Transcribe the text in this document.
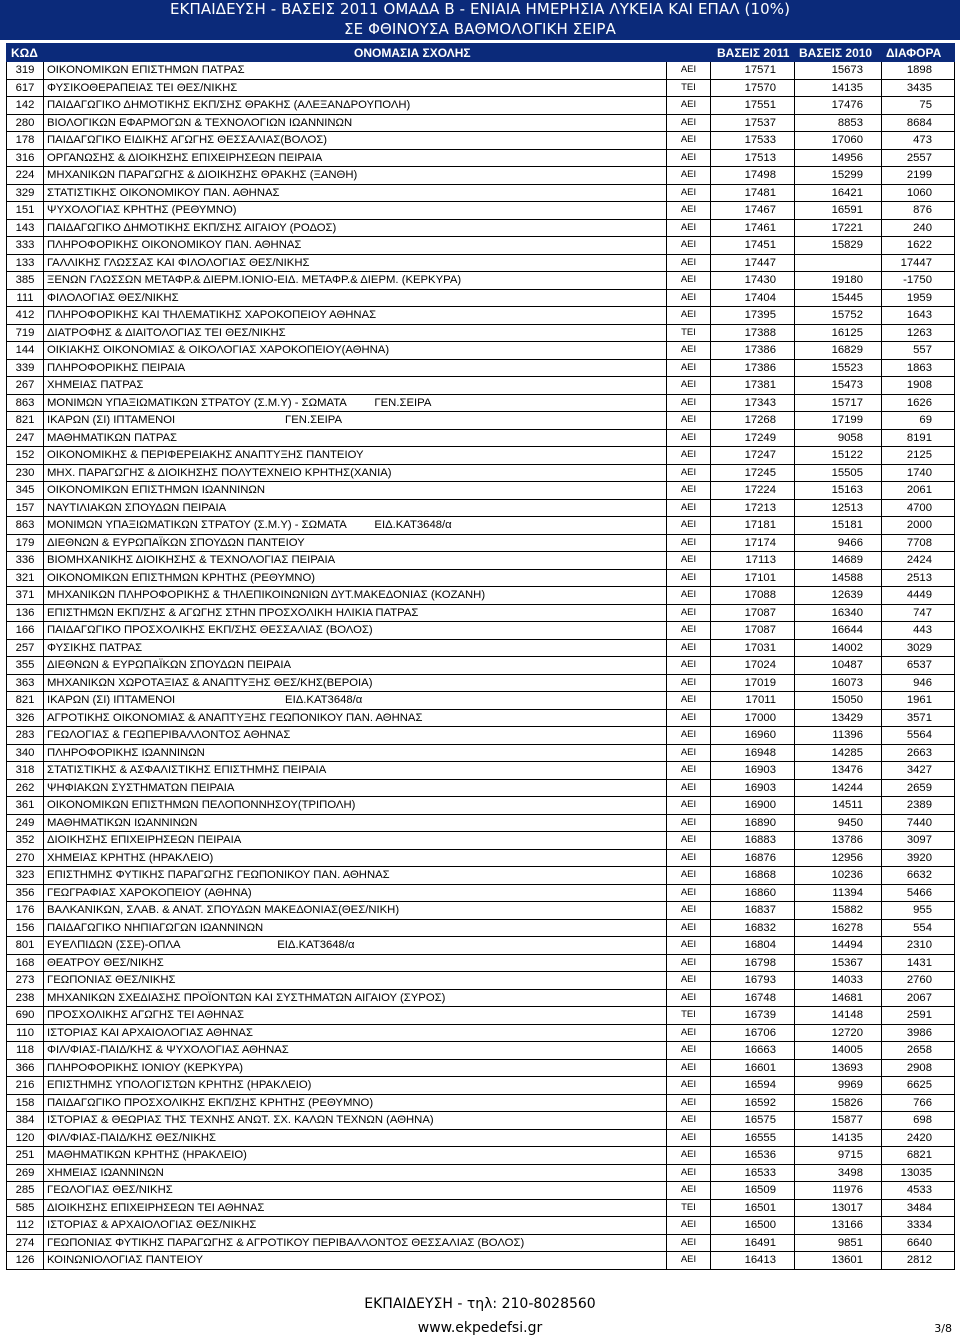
ΕΚΠΑΙΔΕΥΣΗ - ΒΑΣΕΙΣ 2011 ΟΜΑΔΑ Β - ΕΝΙΑΙΑ ΗΜΕΡΗΣΙΑ ΛΥΚΕΙΑ ΚΑΙ ΕΠΑΛ (10%)
ΣΕ ΦΘΙΝΟΥΣΑ ΒΑΘΜΟΛΟΓΙΚΗ ΣΕΙΡΑ
ΚΩΔ	ΟΝΟΜΑΣΙΑ ΣΧΟΛΗΣ		ΒΑΣΕΙΣ 2011	ΒΑΣΕΙΣ 2010	ΔΙΑΦΟΡΑ
319	ΟΙΚΟΝΟΜΙΚΩΝ ΕΠΙΣΤΗΜΩΝ ΠΑΤΡΑΣ	ΑΕΙ	17571	15673	1898
617	ΦΥΣΙΚΟΘΕΡΑΠΕΙΑΣ ΤΕΙ ΘΕΣ/ΝΙΚΗΣ	ΤΕΙ	17570	14135	3435
142	ΠΑΙΔΑΓΩΓΙΚΟ ΔΗΜΟΤΙΚΗΣ ΕΚΠ/ΣΗΣ ΘΡΑΚΗΣ (ΑΛΕΞΑΝΔΡΟΥΠΟΛΗ)	ΑΕΙ	17551	17476	75
280	ΒΙΟΛΟΓΙΚΩΝ ΕΦΑΡΜΟΓΩΝ & ΤΕΧΝΟΛΟΓΙΩΝ ΙΩΑΝΝΙΝΩΝ	ΑΕΙ	17537	8853	8684
178	ΠΑΙΔΑΓΩΓΙΚΟ ΕΙΔΙΚΗΣ ΑΓΩΓΗΣ ΘΕΣΣΑΛΙΑΣ(ΒΟΛΟΣ)	ΑΕΙ	17533	17060	473
316	ΟΡΓΑΝΩΣΗΣ & ΔΙΟΙΚΗΣΗΣ ΕΠΙΧΕΙΡΗΣΕΩΝ ΠΕΙΡΑΙΑ	ΑΕΙ	17513	14956	2557
224	ΜΗΧΑΝΙΚΩΝ ΠΑΡΑΓΩΓΗΣ & ΔΙΟΙΚΗΣΗΣ ΘΡΑΚΗΣ (ΞΑΝΘΗ)	ΑΕΙ	17498	15299	2199
329	ΣΤΑΤΙΣΤΙΚΗΣ ΟΙΚΟΝΟΜΙΚΟΥ ΠΑΝ. ΑΘΗΝΑΣ	ΑΕΙ	17481	16421	1060
151	ΨΥΧΟΛΟΓΙΑΣ ΚΡΗΤΗΣ (ΡΕΘΥΜΝΟ)	ΑΕΙ	17467	16591	876
143	ΠΑΙΔΑΓΩΓΙΚΟ ΔΗΜΟΤΙΚΗΣ ΕΚΠ/ΣΗΣ ΑΙΓΑΙΟΥ (ΡΟΔΟΣ)	ΑΕΙ	17461	17221	240
333	ΠΛΗΡΟΦΟΡΙΚΗΣ ΟΙΚΟΝΟΜΙΚΟΥ ΠΑΝ. ΑΘΗΝΑΣ	ΑΕΙ	17451	15829	1622
133	ΓΑΛΛΙΚΗΣ ΓΛΩΣΣΑΣ ΚΑΙ ΦΙΛΟΛΟΓΙΑΣ ΘΕΣ/ΝΙΚΗΣ	ΑΕΙ	17447		17447
385	ΞΕΝΩΝ ΓΛΩΣΣΩΝ ΜΕΤΑΦΡ.& ΔΙΕΡΜ.ΙΟΝΙΟ-ΕΙΔ. ΜΕΤΑΦΡ.& ΔΙΕΡΜ. (ΚΕΡΚΥΡΑ)	ΑΕΙ	17430	19180	-1750
111	ΦΙΛΟΛΟΓΙΑΣ ΘΕΣ/ΝΙΚΗΣ	ΑΕΙ	17404	15445	1959
412	ΠΛΗΡΟΦΟΡΙΚΗΣ ΚΑΙ ΤΗΛΕΜΑΤΙΚΗΣ ΧΑΡΟΚΟΠΕΙΟΥ ΑΘΗΝΑΣ	ΑΕΙ	17395	15752	1643
719	ΔΙΑΤΡΟΦΗΣ & ΔΙΑΙΤΟΛΟΓΙΑΣ ΤΕΙ ΘΕΣ/ΝΙΚΗΣ	ΤΕΙ	17388	16125	1263
144	ΟΙΚΙΑΚΗΣ ΟΙΚΟΝΟΜΙΑΣ & ΟΙΚΟΛΟΓΙΑΣ ΧΑΡΟΚΟΠΕΙΟΥ(ΑΘΗΝΑ)	ΑΕΙ	17386	16829	557
339	ΠΛΗΡΟΦΟΡΙΚΗΣ ΠΕΙΡΑΙΑ	ΑΕΙ	17386	15523	1863
267	ΧΗΜΕΙΑΣ ΠΑΤΡΑΣ	ΑΕΙ	17381	15473	1908
863	ΜΟΝΙΜΩΝ ΥΠΑΞΙΩΜΑΤΙΚΩΝ ΣΤΡΑΤΟΥ (Σ.Μ.Υ) - ΣΩΜΑΤΑ         ΓΕΝ.ΣΕΙΡΑ	ΑΕΙ	17343	15717	1626
821	ΙΚΑΡΩΝ (ΣΙ) ΙΠΤΑΜΕΝΟΙ                                   ΓΕΝ.ΣΕΙΡΑ	ΑΕΙ	17268	17199	69
247	ΜΑΘΗΜΑΤΙΚΩΝ ΠΑΤΡΑΣ	ΑΕΙ	17249	9058	8191
152	ΟΙΚΟΝΟΜΙΚΗΣ & ΠΕΡΙΦΕΡΕΙΑΚΗΣ ΑΝΑΠΤΥΞΗΣ ΠΑΝΤΕΙΟΥ	ΑΕΙ	17247	15122	2125
230	ΜΗΧ. ΠΑΡΑΓΩΓΗΣ & ΔΙΟΙΚΗΣΗΣ ΠΟΛΥΤΕΧΝΕΙΟ ΚΡΗΤΗΣ(ΧΑΝΙΑ)	ΑΕΙ	17245	15505	1740
345	ΟΙΚΟΝΟΜΙΚΩΝ ΕΠΙΣΤΗΜΩΝ ΙΩΑΝΝΙΝΩΝ	ΑΕΙ	17224	15163	2061
157	ΝΑΥΤΙΛΙΑΚΩΝ ΣΠΟΥΔΩΝ ΠΕΙΡΑΙΑ	ΑΕΙ	17213	12513	4700
863	ΜΟΝΙΜΩΝ ΥΠΑΞΙΩΜΑΤΙΚΩΝ ΣΤΡΑΤΟΥ (Σ.Μ.Υ) - ΣΩΜΑΤΑ         ΕΙΔ.ΚΑΤ3648/α	ΑΕΙ	17181	15181	2000
179	ΔΙΕΘΝΩΝ & ΕΥΡΩΠΑΪΚΩΝ ΣΠΟΥΔΩΝ ΠΑΝΤΕΙΟΥ	ΑΕΙ	17174	9466	7708
336	ΒΙΟΜΗΧΑΝΙΚΗΣ ΔΙΟΙΚΗΣΗΣ & ΤΕΧΝΟΛΟΓΙΑΣ ΠΕΙΡΑΙΑ	ΑΕΙ	17113	14689	2424
321	ΟΙΚΟΝΟΜΙΚΩΝ ΕΠΙΣΤΗΜΩΝ ΚΡΗΤΗΣ (ΡΕΘΥΜΝΟ)	ΑΕΙ	17101	14588	2513
371	ΜΗΧΑΝΙΚΩΝ ΠΛΗΡΟΦΟΡΙΚΗΣ & ΤΗΛΕΠΙΚΟΙΝΩΝΙΩΝ ΔΥΤ.ΜΑΚΕΔΟΝΙΑΣ (ΚΟΖΑΝΗ)	ΑΕΙ	17088	12639	4449
136	ΕΠΙΣΤΗΜΩΝ ΕΚΠ/ΣΗΣ & ΑΓΩΓΗΣ ΣΤΗΝ ΠΡΟΣΧΟΛΙΚΗ ΗΛΙΚΙΑ ΠΑΤΡΑΣ	ΑΕΙ	17087	16340	747
166	ΠΑΙΔΑΓΩΓΙΚΟ ΠΡΟΣΧΟΛΙΚΗΣ ΕΚΠ/ΣΗΣ ΘΕΣΣΑΛΙΑΣ (ΒΟΛΟΣ)	ΑΕΙ	17087	16644	443
257	ΦΥΣΙΚΗΣ ΠΑΤΡΑΣ	ΑΕΙ	17031	14002	3029
355	ΔΙΕΘΝΩΝ & ΕΥΡΩΠΑΪΚΩΝ ΣΠΟΥΔΩΝ ΠΕΙΡΑΙΑ	ΑΕΙ	17024	10487	6537
363	ΜΗΧΑΝΙΚΩΝ ΧΩΡΟΤΑΞΙΑΣ & ΑΝΑΠΤΥΞΗΣ ΘΕΣ/ΚΗΣ(ΒΕΡΟΙΑ)	ΑΕΙ	17019	16073	946
821	ΙΚΑΡΩΝ (ΣΙ) ΙΠΤΑΜΕΝΟΙ                                   ΕΙΔ.ΚΑΤ3648/α	ΑΕΙ	17011	15050	1961
326	ΑΓΡΟΤΙΚΗΣ ΟΙΚΟΝΟΜΙΑΣ & ΑΝΑΠΤΥΞΗΣ ΓΕΩΠΟΝΙΚΟΥ ΠΑΝ. ΑΘΗΝΑΣ	ΑΕΙ	17000	13429	3571
283	ΓΕΩΛΟΓΙΑΣ & ΓΕΩΠΕΡΙΒΑΛΛΟΝΤΟΣ ΑΘΗΝΑΣ	ΑΕΙ	16960	11396	5564
340	ΠΛΗΡΟΦΟΡΙΚΗΣ ΙΩΑΝΝΙΝΩΝ	ΑΕΙ	16948	14285	2663
318	ΣΤΑΤΙΣΤΙΚΗΣ & ΑΣΦΑΛΙΣΤΙΚΗΣ ΕΠΙΣΤΗΜΗΣ ΠΕΙΡΑΙΑ	ΑΕΙ	16903	13476	3427
262	ΨΗΦΙΑΚΩΝ ΣΥΣΤΗΜΑΤΩΝ ΠΕΙΡΑΙΑ	ΑΕΙ	16903	14244	2659
361	ΟΙΚΟΝΟΜΙΚΩΝ ΕΠΙΣΤΗΜΩΝ ΠΕΛΟΠΟΝΝΗΣΟΥ(ΤΡΙΠΟΛΗ)	ΑΕΙ	16900	14511	2389
249	ΜΑΘΗΜΑΤΙΚΩΝ ΙΩΑΝΝΙΝΩΝ	ΑΕΙ	16890	9450	7440
352	ΔΙΟΙΚΗΣΗΣ ΕΠΙΧΕΙΡΗΣΕΩΝ ΠΕΙΡΑΙΑ	ΑΕΙ	16883	13786	3097
270	ΧΗΜΕΙΑΣ ΚΡΗΤΗΣ (ΗΡΑΚΛΕΙΟ)	ΑΕΙ	16876	12956	3920
323	ΕΠΙΣΤΗΜΗΣ ΦΥΤΙΚΗΣ ΠΑΡΑΓΩΓΗΣ ΓΕΩΠΟΝΙΚΟΥ ΠΑΝ. ΑΘΗΝΑΣ	ΑΕΙ	16868	10236	6632
356	ΓΕΩΓΡΑΦΙΑΣ ΧΑΡΟΚΟΠΕΙΟΥ (ΑΘΗΝΑ)	ΑΕΙ	16860	11394	5466
176	ΒΑΛΚΑΝΙΚΩΝ, ΣΛΑΒ. & ΑΝΑΤ. ΣΠΟΥΔΩΝ ΜΑΚΕΔΟΝΙΑΣ(ΘΕΣ/ΝΙΚΗ)	ΑΕΙ	16837	15882	955
156	ΠΑΙΔΑΓΩΓΙΚΟ ΝΗΠΙΑΓΩΓΩΝ ΙΩΑΝΝΙΝΩΝ	ΑΕΙ	16832	16278	554
801	ΕΥΕΛΠΙΔΩΝ (ΣΣΕ)-ΟΠΛΑ                               ΕΙΔ.ΚΑΤ3648/α	ΑΕΙ	16804	14494	2310
168	ΘΕΑΤΡΟΥ ΘΕΣ/ΝΙΚΗΣ	ΑΕΙ	16798	15367	1431
273	ΓΕΩΠΟΝΙΑΣ ΘΕΣ/ΝΙΚΗΣ	ΑΕΙ	16793	14033	2760
238	ΜΗΧΑΝΙΚΩΝ ΣΧΕΔΙΑΣΗΣ ΠΡΟΪΟΝΤΩΝ ΚΑΙ ΣΥΣΤΗΜΑΤΩΝ ΑΙΓΑΙΟΥ (ΣΥΡΟΣ)	ΑΕΙ	16748	14681	2067
690	ΠΡΟΣΧΟΛΙΚΗΣ ΑΓΩΓΗΣ ΤΕΙ ΑΘΗΝΑΣ	ΤΕΙ	16739	14148	2591
110	ΙΣΤΟΡΙΑΣ ΚΑΙ ΑΡΧΑΙΟΛΟΓΙΑΣ ΑΘΗΝΑΣ	ΑΕΙ	16706	12720	3986
118	ΦΙΛ/ΦΙΑΣ-ΠΑΙΔ/ΚΗΣ & ΨΥΧΟΛΟΓΙΑΣ ΑΘΗΝΑΣ	ΑΕΙ	16663	14005	2658
366	ΠΛΗΡΟΦΟΡΙΚΗΣ ΙΟΝΙΟΥ (ΚΕΡΚΥΡΑ)	ΑΕΙ	16601	13693	2908
216	ΕΠΙΣΤΗΜΗΣ ΥΠΟΛΟΓΙΣΤΩΝ ΚΡΗΤΗΣ (ΗΡΑΚΛΕΙΟ)	ΑΕΙ	16594	9969	6625
158	ΠΑΙΔΑΓΩΓΙΚΟ ΠΡΟΣΧΟΛΙΚΗΣ ΕΚΠ/ΣΗΣ ΚΡΗΤΗΣ (ΡΕΘΥΜΝΟ)	ΑΕΙ	16592	15826	766
384	ΙΣΤΟΡΙΑΣ & ΘΕΩΡΙΑΣ ΤΗΣ ΤΕΧΝΗΣ ΑΝΩΤ. ΣΧ. ΚΑΛΩΝ ΤΕΧΝΩΝ (ΑΘΗΝΑ)	ΑΕΙ	16575	15877	698
120	ΦΙΛ/ΦΙΑΣ-ΠΑΙΔ/ΚΗΣ ΘΕΣ/ΝΙΚΗΣ	ΑΕΙ	16555	14135	2420
251	ΜΑΘΗΜΑΤΙΚΩΝ ΚΡΗΤΗΣ (ΗΡΑΚΛΕΙΟ)	ΑΕΙ	16536	9715	6821
269	ΧΗΜΕΙΑΣ ΙΩΑΝΝΙΝΩΝ	ΑΕΙ	16533	3498	13035
285	ΓΕΩΛΟΓΙΑΣ ΘΕΣ/ΝΙΚΗΣ	ΑΕΙ	16509	11976	4533
585	ΔΙΟΙΚΗΣΗΣ ΕΠΙΧΕΙΡΗΣΕΩΝ ΤΕΙ ΑΘΗΝΑΣ	ΤΕΙ	16501	13017	3484
112	ΙΣΤΟΡΙΑΣ & ΑΡΧΑΙΟΛΟΓΙΑΣ ΘΕΣ/ΝΙΚΗΣ	ΑΕΙ	16500	13166	3334
274	ΓΕΩΠΟΝΙΑΣ ΦΥΤΙΚΗΣ ΠΑΡΑΓΩΓΗΣ & ΑΓΡΟΤΙΚΟΥ ΠΕΡΙΒΑΛΛΟΝΤΟΣ ΘΕΣΣΑΛΙΑΣ (ΒΟΛΟΣ)	ΑΕΙ	16491	9851	6640
126	ΚΟΙΝΩΝΙΟΛΟΓΙΑΣ ΠΑΝΤΕΙΟΥ	ΑΕΙ	16413	13601	2812
ΕΚΠΑΙΔΕΥΣΗ - τηλ: 210-8028560
www.ekpedefsi.gr	3/8
